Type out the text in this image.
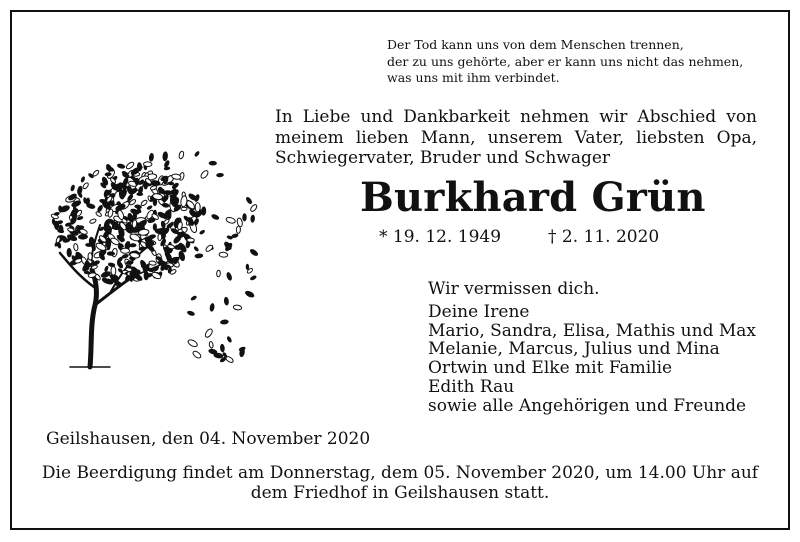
Der Tod kann uns von dem Menschen trennen,
der zu uns gehörte, aber er kann uns nicht das nehmen,
was uns mit ihm verbindet.
In Liebe und Dankbarkeit nehmen wir Abschied von
meinem lieben Mann, unserem Vater, liebsten Opa,
Schwiegervater, Bruder und Schwager
Burkhard Grün
* 19. 12. 1949	† 2. 11. 2020
Wir vermissen dich.
Deine Irene
Mario, Sandra, Elisa, Mathis und Max
Melanie, Marcus, Julius und Mina
Ortwin und Elke mit Familie
Edith Rau
sowie alle Angehörigen und Freunde
Geilshausen, den 04. November 2020
Die Beerdigung findet am Donnerstag, dem 05. November 2020, um 14.00 Uhr auf
dem Friedhof in Geilshausen statt.
